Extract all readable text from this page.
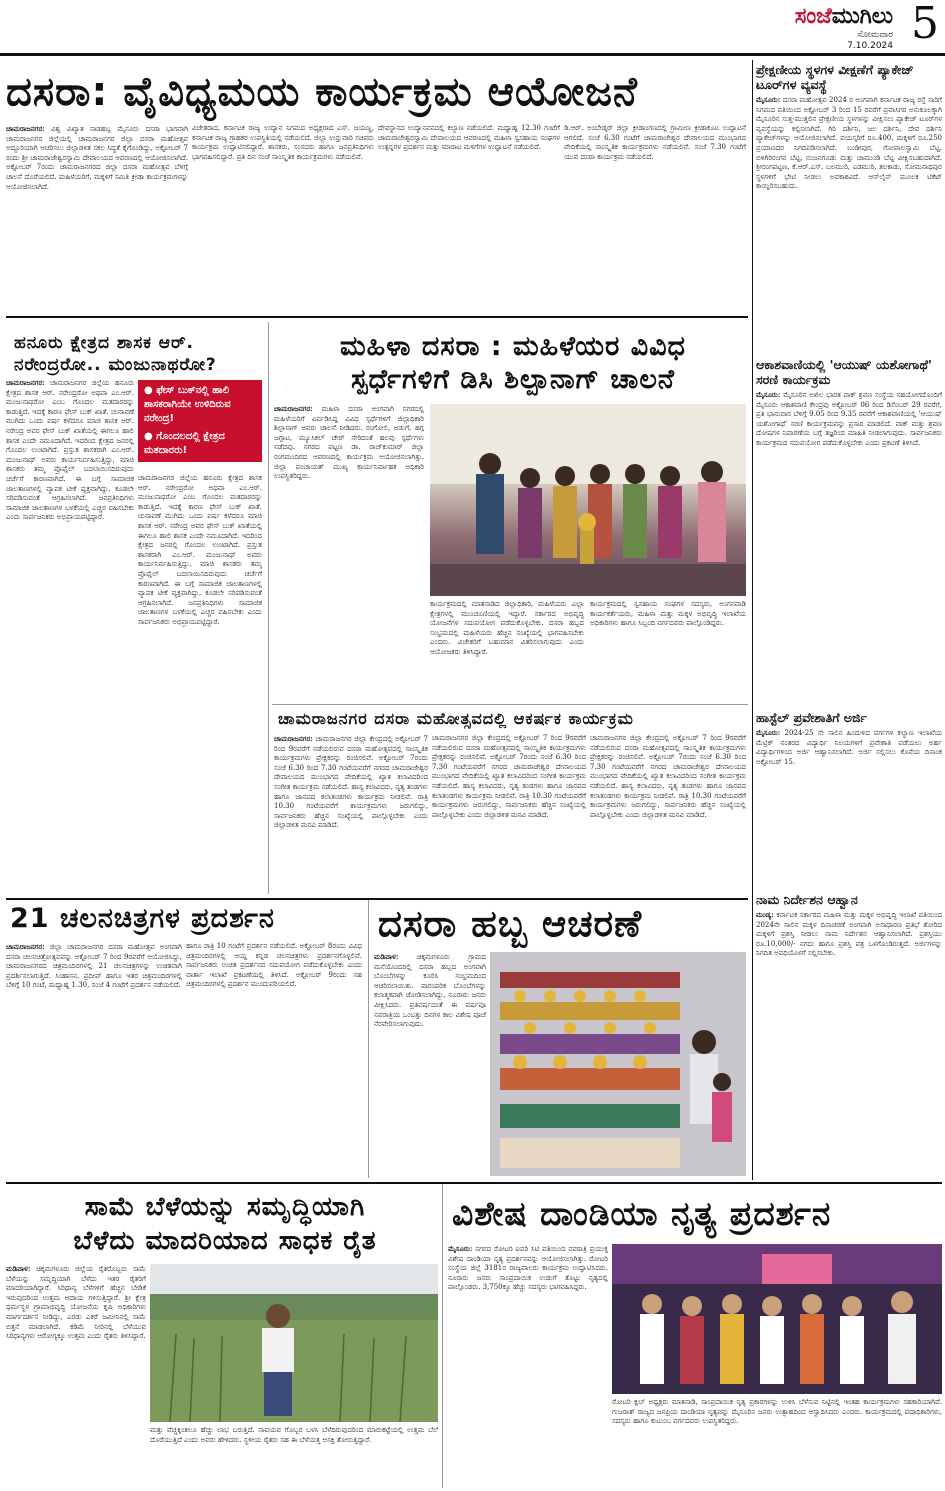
ಸಂಜೆಮುಗಿಲು
ಸೋಮವಾರ
7.10.2024 5
ದಸರಾ: ವೈವಿಧ್ಯಮಯ ಕಾರ್ಯಕ್ರಮ ಆಯೋಜನೆ
ಚಾಮರಾಜನಗರ: ವಿಶ್ವ ವಿಖ್ಯಾತ ನಾಡಹಬ್ಬ ಮೈಸೂರು ದಸರಾ ಭಾಗವಾಗಿ ಚಾಮರಾಜನಗರ ಜಿಲ್ಲೆಯಲ್ಲಿ ಚಾಮರಾಜನಗರ ಜಿಲ್ಲಾ ದಸರಾ ಮಹೋತ್ಸವ ಅದ್ದೂರಿಯಾಗಿ ಆಚರಿಸಲು ಜಿಲ್ಲಾಡಳಿತ ಸಕಲ ಸಿದ್ಧತೆ ಕೈಗೊಂಡಿದ್ದು, ಅಕ್ಟೋಬರ್ 7 ರಂದು ಶ್ರೀ ಚಾಮರಾಜೇಶ್ವರಸ್ವಾಮಿ ದೇವಾಲಯದ ಆವರಣದಲ್ಲಿ ಆಯೋಜಿಸಲಾಗಿದೆ. ಅಕ್ಟೋಬರ್ 7ರಂದು ಚಾಮರಾಜನಗರದ ಜಿಲ್ಲಾ ದಸರಾ ಮಹೋತ್ಸವ ಬೆಳಿಗ್ಗೆ ಚಾಲನೆ ದೊರೆಯಲಿದೆ. ಮಹಿಳೆಯರಿಗೆ, ಮಕ್ಕಳಿಗೆ ಸಮಿತಿ ಕ್ರೀಡಾ ಕಾರ್ಯಕ್ರಮಗಳನ್ನು ಆಯೋಜಿಸಲಾಗಿದೆ.
ವಿಜೇತರಾದ, ಕರ್ನಾಟಕ ರಾಜ್ಯ ಉದ್ಯಾನ ನಿಗಮದ ಅಧ್ಯಕ್ಷರಾದ ಎಸ್. ಜಯಣ್ಣ, ಕರ್ನಾಟಕ ರಾಜ್ಯ ಗ್ರಾಹಕರ ಉಪಸ್ಥಿತಿಯಲ್ಲಿ ನಡೆಯಲಿದೆ. ಜಿಲ್ಲಾ ಉಸ್ತುವಾರಿ ಸಚಿವರು ಕಾರ್ಯಕ್ರಮ ಉದ್ಘಾಟಿಸಲಿದ್ದಾರೆ. ಶಾಸಕರು, ಸಂಸದರು ಹಾಗೂ ಜನಪ್ರತಿನಿಧಿಗಳು ಭಾಗವಹಿಸಲಿದ್ದಾರೆ. ಪ್ರತಿ ದಿನ ಸಂಜೆ ಸಾಂಸ್ಕೃತಿಕ ಕಾರ್ಯಕ್ರಮಗಳು ನಡೆಯಲಿವೆ.
ದೇವಸ್ಥಾನದ ಉದ್ಯಾನವನದಲ್ಲಿ ಕಲ್ಯಾಣ ನಡೆಯಲಿದೆ. ಮಧ್ಯಾಹ್ನ 12.30 ಗಂಟೆಗೆ ಚಾಮರಾಜೇಶ್ವರಸ್ವಾಮಿ ದೇವಾಲಯದ ಆವರಣದಲ್ಲಿ ಮಹಿಳಾ ಸ್ವಸಹಾಯ ಸಂಘಗಳ ಉತ್ಪನ್ನಗಳ ಪ್ರದರ್ಶನ ಮತ್ತು ಮಾರಾಟ ಮಳಿಗೆಗಳ ಉದ್ಘಾಟನೆ ನಡೆಯಲಿದೆ.
ಡಿ.ಆರ್. ಅಂಬೇಡ್ಕರ್ ಜಿಲ್ಲಾ ಕ್ರೀಡಾಂಗಣದಲ್ಲಿ ಗ್ರಾಮೀಣ ಕ್ರೀಡಾಕೂಟ ಉದ್ಘಾಟನೆ ಆಗಲಿದೆ. ಸಂಜೆ 6.30 ಗಂಟೆಗೆ ಚಾಮರಾಜೇಶ್ವರ ದೇವಾಲಯದ ಮುಂಭಾಗದ ವೇದಿಕೆಯಲ್ಲಿ ಸಾಂಸ್ಕೃತಿಕ ಕಾರ್ಯಕ್ರಮಗಳು ನಡೆಯಲಿವೆ. ಸಂಜೆ 7.30 ಗಂಟೆಗೆ ಯುವ ದಸರಾ ಕಾರ್ಯಕ್ರಮ ನಡೆಯಲಿದೆ.
ಪ್ರೇಕ್ಷಣೀಯ ಸ್ಥಳಗಳ ವೀಕ್ಷಣೆಗೆ ಪ್ಯಾಕೇಜ್ ಟೂರ್‌ಗಳ ವ್ಯವಸ್ಥೆ
ಮೈಸೂರು: ದಸರಾ ಮಹೋತ್ಸವ 2024 ರ ಅಂಗವಾಗಿ ಕರ್ನಾಟಕ ರಾಜ್ಯ ರಸ್ತೆ ಸಾರಿಗೆ ನಿಗಮದ ವತಿಯಿಂದ ಅಕ್ಟೋಬರ್ 3 ರಿಂದ 15 ರವರೆಗೆ ಪ್ರವಾಸಿಗರ ಅನುಕೂಲಕ್ಕಾಗಿ ಮೈಸೂರಿನ ಸುತ್ತ-ಮುತ್ತಲಿನ ಪ್ರೇಕ್ಷಣೀಯ ಸ್ಥಳಗಳನ್ನು ವೀಕ್ಷಿಸಲು ಪ್ಯಾಕೇಜ್ ಟೂರ್‌ಗಳ ವ್ಯವಸ್ಥೆಯನ್ನು ಕಲ್ಪಿಸಲಾಗಿದೆ. ಗಿರಿ ದರ್ಶಿನಿ, ಜಲ ದರ್ಶಿನಿ, ದೇವ ದರ್ಶಿನಿ ಪ್ಯಾಕೇಜ್‌ಗಳನ್ನು ಆಯೋಜಿಸಲಾಗಿದೆ. ವಯಸ್ಕರಿಗೆ ರೂ.400, ಮಕ್ಕಳಿಗೆ ರೂ.250 ಪ್ರಯಾಣದರ ನಿಗದಿಪಡಿಸಲಾಗಿದೆ. ಬಂಡೀಪುರ, ಗೋಪಾಲಸ್ವಾಮಿ ಬೆಟ್ಟ, ಬಿಳಿಗಿರಿರಂಗನ ಬೆಟ್ಟ, ನಂಜನಗೂಡು ಮತ್ತು ಚಾಮುಂಡಿ ಬೆಟ್ಟ ವೀಕ್ಷಿಸಬಹುದಾಗಿದೆ. ಶ್ರೀರಂಗಪಟ್ಟಣ, ಕೆ.ಆರ್.ಎಸ್, ಬಲಮುರಿ, ಎಡಮುರಿ, ತಲಕಾಡು, ಸೋಮನಾಥಪುರ ಸ್ಥಳಗಳಿಗೆ ಭೇಟಿ ನೀಡಲು ಅವಕಾಶವಿದೆ. ಆನ್‌ಲೈನ್ ಮೂಲಕ ಟಿಕೆಟ್ ಕಾಯ್ದಿರಿಸಬಹುದು.
ಆಕಾಶವಾಣಿಯಲ್ಲಿ 'ಆಯುಷ್ ಯಶೋಗಾಥೆ' ಸರಣಿ ಕಾರ್ಯಕ್ರಮ
ಮೈಸೂರು: ಮೈಸೂರಿನ ಅಖಿಲ ಭಾರತ ವಾಕ್ ಶ್ರವಣ ಸಂಸ್ಥೆಯ ಸಹಯೋಗದೊಂದಿಗೆ ಮೈಸೂರು ಆಕಾಶವಾಣಿ ಕೇಂದ್ರವು ಅಕ್ಟೋಬರ್ 06 ರಿಂದ ಡಿಸೆಂಬರ್ 29 ರವರೆಗೆ, ಪ್ರತಿ ಭಾನುವಾರ ಬೆಳಿಗ್ಗೆ 9.05 ರಿಂದ 9.35 ರವರೆಗೆ ಆಕಾಶವಾಣಿಯಲ್ಲಿ 'ಆಯುಷ್ ಯಶೋಗಾಥೆ' ಸರಣಿ ಕಾರ್ಯಕ್ರಮವನ್ನು ಪ್ರಸಾರ ಮಾಡಲಿದೆ. ವಾಕ್ ಮತ್ತು ಶ್ರವಣ ದೋಷಗಳ ನಿವಾರಣೆಯ ಬಗ್ಗೆ ತಜ್ಞರಿಂದ ಮಾಹಿತಿ ನೀಡಲಾಗುವುದು. ಸಾರ್ವಜನಿಕರು ಕಾರ್ಯಕ್ರಮದ ಸದುಪಯೋಗ ಪಡೆದುಕೊಳ್ಳಬೇಕು ಎಂದು ಪ್ರಕಟಣೆ ತಿಳಿಸಿದೆ.
ಹಾಸ್ಟೆಲ್ ಪ್ರವೇಶಾತಿಗೆ ಅರ್ಜಿ
ಮೈಸೂರು: 2024-25 ನೇ ಸಾಲಿನ ಹಿಂದುಳಿದ ವರ್ಗಗಳ ಕಲ್ಯಾಣ ಇಲಾಖೆಯ ಮೆಟ್ರಿಕ್ ನಂತರದ ವಿದ್ಯಾರ್ಥಿ ನಿಲಯಗಳಿಗೆ ಪ್ರವೇಶಾತಿ ಪಡೆಯಲು ಅರ್ಹ ವಿದ್ಯಾರ್ಥಿಗಳಿಂದ ಅರ್ಜಿ ಆಹ್ವಾನಿಸಲಾಗಿದೆ. ಅರ್ಜಿ ಸಲ್ಲಿಸಲು ಕೊನೆಯ ದಿನಾಂಕ ಅಕ್ಟೋಬರ್ 15.
ನಾಮ ನಿರ್ದೇಶನ ಆಹ್ವಾನ
ಮಂಡ್ಯ: ಕರ್ನಾಟಕ ಸರ್ಕಾರದ ಮಹಿಳಾ ಮತ್ತು ಮಕ್ಕಳ ಅಭಿವೃದ್ಧಿ ಇಲಾಖೆ ವತಿಯಿಂದ 2024ನೇ ಸಾಲಿನ ಮಕ್ಕಳ ದಿನಾಚರಣೆ ಅಂಗವಾಗಿ ಅಸಾಧಾರಣ ಪ್ರತಿಭೆ ತೋರಿದ ಮಕ್ಕಳಿಗೆ ಪ್ರಶಸ್ತಿ ನೀಡಲು ನಾಮ ನಿರ್ದೇಶನ ಆಹ್ವಾನಿಸಲಾಗಿದೆ. ಪ್ರಶಸ್ತಿಯು ರೂ.10,000/- ನಗದು ಹಾಗೂ ಪ್ರಶಸ್ತಿ ಪತ್ರ ಒಳಗೊಂಡಿರುತ್ತದೆ. ಅರ್ಜಿಗಳನ್ನು ನಿಗದಿತ ಅವಧಿಯೊಳಗೆ ಸಲ್ಲಿಸಬೇಕು.
ಹನೂರು ಕ್ಷೇತ್ರದ ಶಾಸಕ ಆರ್.
ನರೇಂದ್ರರೋ.. ಮಂಜುನಾಥರೋ?
ಚಾಮರಾಜನಗರ: ಚಾಮರಾಜನಗರ ಜಿಲ್ಲೆಯ ಹನೂರು ಕ್ಷೇತ್ರದ ಶಾಸಕ ಆರ್. ನರೇಂದ್ರರೋ ಅಥವಾ ಎಂ.ಆರ್. ಮಂಜುನಾಥರೋ ಎಂಬ ಗೊಂದಲ ಮತದಾರರನ್ನು ಕಾಡುತ್ತಿದೆ. ಇದಕ್ಕೆ ಕಾರಣ ಫೇಸ್ ಬುಕ್ ಖಾತೆ. ಚುನಾವಣೆ ಮುಗಿದು ಒಂದು ವರ್ಷ ಕಳೆದರೂ ಮಾಜಿ ಶಾಸಕ ಆರ್. ನರೇಂದ್ರ ಅವರ ಫೇಸ್ ಬುಕ್ ಖಾತೆಯಲ್ಲಿ ಈಗಲೂ ಹಾಲಿ ಶಾಸಕ ಎಂದೇ ನಮೂದಾಗಿದೆ. ಇದರಿಂದ ಕ್ಷೇತ್ರದ ಜನರಲ್ಲಿ ಗೊಂದಲ ಉಂಟಾಗಿದೆ. ಪ್ರಸ್ತುತ ಶಾಸಕರಾಗಿ ಎಂ.ಆರ್. ಮಂಜುನಾಥ್ ಅವರು ಕಾರ್ಯನಿರ್ವಹಿಸುತ್ತಿದ್ದು, ಮಾಜಿ ಶಾಸಕರು ತಮ್ಮ ಪ್ರೊಫೈಲ್ ಬದಲಾಯಿಸದಿರುವುದು ಚರ್ಚೆಗೆ ಕಾರಣವಾಗಿದೆ. ಈ ಬಗ್ಗೆ ಸಾಮಾಜಿಕ ಜಾಲತಾಣಗಳಲ್ಲಿ ವ್ಯಾಪಕ ಟೀಕೆ ವ್ಯಕ್ತವಾಗಿದ್ದು, ಕೂಡಲೇ ಸರಿಪಡಿಸುವಂತೆ ಆಗ್ರಹಿಸಲಾಗಿದೆ. ಜನಪ್ರತಿನಿಧಿಗಳು ಸಾಮಾಜಿಕ ಜಾಲತಾಣಗಳ ಬಳಕೆಯಲ್ಲಿ ಎಚ್ಚರ ವಹಿಸಬೇಕು ಎಂದು ಸಾರ್ವಜನಿಕರು ಅಭಿಪ್ರಾಯಪಟ್ಟಿದ್ದಾರೆ.
● ಫೇಸ್ ಬುಕ್‌ನಲ್ಲಿ ಹಾಲಿ ಶಾಸಕರಾಗಿಯೇ ಉಳಿದಿರುವ ನರೇಂದ್ರ!
● ಗೊಂದಲದಲ್ಲಿ ಕ್ಷೇತ್ರದ ಮತದಾರರು!
ಚಾಮರಾಜನಗರ ಜಿಲ್ಲೆಯ ಹನೂರು ಕ್ಷೇತ್ರದ ಶಾಸಕ ಆರ್. ನರೇಂದ್ರರೋ ಅಥವಾ ಎಂ.ಆರ್. ಮಂಜುನಾಥರೋ ಎಂಬ ಗೊಂದಲ ಮತದಾರರನ್ನು ಕಾಡುತ್ತಿದೆ. ಇದಕ್ಕೆ ಕಾರಣ ಫೇಸ್ ಬುಕ್ ಖಾತೆ. ಚುನಾವಣೆ ಮುಗಿದು ಒಂದು ವರ್ಷ ಕಳೆದರೂ ಮಾಜಿ ಶಾಸಕ ಆರ್. ನರೇಂದ್ರ ಅವರ ಫೇಸ್ ಬುಕ್ ಖಾತೆಯಲ್ಲಿ ಈಗಲೂ ಹಾಲಿ ಶಾಸಕ ಎಂದೇ ನಮೂದಾಗಿದೆ. ಇದರಿಂದ ಕ್ಷೇತ್ರದ ಜನರಲ್ಲಿ ಗೊಂದಲ ಉಂಟಾಗಿದೆ. ಪ್ರಸ್ತುತ ಶಾಸಕರಾಗಿ ಎಂ.ಆರ್. ಮಂಜುನಾಥ್ ಅವರು ಕಾರ್ಯನಿರ್ವಹಿಸುತ್ತಿದ್ದು, ಮಾಜಿ ಶಾಸಕರು ತಮ್ಮ ಪ್ರೊಫೈಲ್ ಬದಲಾಯಿಸದಿರುವುದು ಚರ್ಚೆಗೆ ಕಾರಣವಾಗಿದೆ. ಈ ಬಗ್ಗೆ ಸಾಮಾಜಿಕ ಜಾಲತಾಣಗಳಲ್ಲಿ ವ್ಯಾಪಕ ಟೀಕೆ ವ್ಯಕ್ತವಾಗಿದ್ದು, ಕೂಡಲೇ ಸರಿಪಡಿಸುವಂತೆ ಆಗ್ರಹಿಸಲಾಗಿದೆ. ಜನಪ್ರತಿನಿಧಿಗಳು ಸಾಮಾಜಿಕ ಜಾಲತಾಣಗಳ ಬಳಕೆಯಲ್ಲಿ ಎಚ್ಚರ ವಹಿಸಬೇಕು ಎಂದು ಸಾರ್ವಜನಿಕರು ಅಭಿಪ್ರಾಯಪಟ್ಟಿದ್ದಾರೆ.
ಮಹಿಳಾ ದಸರಾ : ಮಹಿಳೆಯರ ವಿವಿಧ
ಸ್ಪರ್ಧೆಗಳಿಗೆ ಡಿಸಿ ಶಿಲ್ಪಾನಾಗ್ ಚಾಲನೆ
ಚಾಮರಾಜನಗರ: ಮಹಿಳಾ ದಸರಾ ಅಂಗವಾಗಿ ನಗರದಲ್ಲಿ ಮಹಿಳೆಯರಿಗೆ ಏರ್ಪಡಿಸಿದ್ದ ವಿವಿಧ ಸ್ಪರ್ಧೆಗಳಿಗೆ ಜಿಲ್ಲಾಧಿಕಾರಿ ಶಿಲ್ಪಾನಾಗ್ ಅವರು ಚಾಲನೆ ನೀಡಿದರು. ರಂಗೋಲಿ, ಅಡುಗೆ, ಹಗ್ಗ ಜಗ್ಗಾಟ, ಮ್ಯೂಸಿಕಲ್ ಚೇರ್ ಸೇರಿದಂತೆ ಹಲವು ಸ್ಪರ್ಧೆಗಳು ನಡೆದವು. ನಗರದ ಪಟ್ಟಣ ಡಾ. ರಾಜ್‌ಕುಮಾರ್ ಜಿಲ್ಲಾ ರಂಗಮಂದಿರದ ಆವರಣದಲ್ಲಿ ಕಾರ್ಯಕ್ರಮ ಆಯೋಜಿಸಲಾಗಿತ್ತು. ಜಿಲ್ಲಾ ಪಂಚಾಯತ್ ಮುಖ್ಯ ಕಾರ್ಯನಿರ್ವಾಹಕ ಅಧಿಕಾರಿ ಉಪಸ್ಥಿತರಿದ್ದರು.
ಕಾರ್ಯಕ್ರಮದಲ್ಲಿ ಮಾತನಾಡಿದ ಜಿಲ್ಲಾಧಿಕಾರಿ, ಮಹಿಳೆಯರು ಎಲ್ಲಾ ಕ್ಷೇತ್ರಗಳಲ್ಲಿ ಮುಂಚೂಣಿಯಲ್ಲಿ ಇದ್ದಾರೆ. ಸರ್ಕಾರದ ಅಭಿವೃದ್ಧಿ ಯೋಜನೆಗಳ ಸದುಪಯೋಗ ಪಡೆದುಕೊಳ್ಳಬೇಕು. ದಸರಾ ಹಬ್ಬದ ಸಂಭ್ರಮದಲ್ಲಿ ಮಹಿಳೆಯರು ಹೆಚ್ಚಿನ ಸಂಖ್ಯೆಯಲ್ಲಿ ಭಾಗವಹಿಸಬೇಕು ಎಂದರು. ವಿಜೇತರಿಗೆ ಬಹುಮಾನ ವಿತರಿಸಲಾಗುವುದು ಎಂದು ಆಯೋಜಕರು ತಿಳಿಸಿದ್ದಾರೆ.
ಕಾರ್ಯಕ್ರಮದಲ್ಲಿ ಸ್ವಸಹಾಯ ಸಂಘಗಳ ಸದಸ್ಯರು, ಅಂಗನವಾಡಿ ಕಾರ್ಯಕರ್ತೆಯರು, ಮಹಿಳಾ ಮತ್ತು ಮಕ್ಕಳ ಅಭಿವೃದ್ಧಿ ಇಲಾಖೆಯ ಅಧಿಕಾರಿಗಳು ಹಾಗೂ ಸಿಬ್ಬಂದಿ ವರ್ಗದವರು ಪಾಲ್ಗೊಂಡಿದ್ದರು.
ಚಾಮರಾಜನಗರ ದಸರಾ ಮಹೋತ್ಸವದಲ್ಲಿ ಆಕರ್ಷಕ ಕಾರ್ಯಕ್ರಮ
ಚಾಮರಾಜನಗರ: ಚಾಮರಾಜನಗರ ಜಿಲ್ಲಾ ಕೇಂದ್ರದಲ್ಲಿ ಅಕ್ಟೋಬರ್ 7 ರಿಂದ 9ರವರೆಗೆ ನಡೆಯಲಿರುವ ದಸರಾ ಮಹೋತ್ಸವದಲ್ಲಿ ಸಾಂಸ್ಕೃತಿಕ ಕಾರ್ಯಕ್ರಮಗಳು ಪ್ರೇಕ್ಷಕರನ್ನು ರಂಜಿಸಲಿವೆ. ಅಕ್ಟೋಬರ್ 7ರಂದು ಸಂಜೆ 6.30 ರಿಂದ 7.30 ಗಂಟೆಯವರೆಗೆ ನಗರದ ಚಾಮರಾಜೇಶ್ವರ ದೇವಾಲಯದ ಮುಂಭಾಗದ ವೇದಿಕೆಯಲ್ಲಿ ಖ್ಯಾತ ಕಲಾವಿದರಿಂದ ಸಂಗೀತ ಕಾರ್ಯಕ್ರಮ ನಡೆಯಲಿದೆ. ಹಾಸ್ಯ ಕಲಾವಿದರು, ನೃತ್ಯ ತಂಡಗಳು ಹಾಗೂ ಜಾನಪದ ಕಲಾತಂಡಗಳು ಕಾರ್ಯಕ್ರಮ ನೀಡಲಿವೆ. ರಾತ್ರಿ 10.30 ಗಂಟೆಯವರೆಗೆ ಕಾರ್ಯಕ್ರಮಗಳು ಜರುಗಲಿದ್ದು, ಸಾರ್ವಜನಿಕರು ಹೆಚ್ಚಿನ ಸಂಖ್ಯೆಯಲ್ಲಿ ಪಾಲ್ಗೊಳ್ಳಬೇಕು ಎಂದು ಜಿಲ್ಲಾಡಳಿತ ಮನವಿ ಮಾಡಿದೆ.
ಚಾಮರಾಜನಗರ ಜಿಲ್ಲಾ ಕೇಂದ್ರದಲ್ಲಿ ಅಕ್ಟೋಬರ್ 7 ರಿಂದ 9ರವರೆಗೆ ನಡೆಯಲಿರುವ ದಸರಾ ಮಹೋತ್ಸವದಲ್ಲಿ ಸಾಂಸ್ಕೃತಿಕ ಕಾರ್ಯಕ್ರಮಗಳು ಪ್ರೇಕ್ಷಕರನ್ನು ರಂಜಿಸಲಿವೆ. ಅಕ್ಟೋಬರ್ 7ರಂದು ಸಂಜೆ 6.30 ರಿಂದ 7.30 ಗಂಟೆಯವರೆಗೆ ನಗರದ ಚಾಮರಾಜೇಶ್ವರ ದೇವಾಲಯದ ಮುಂಭಾಗದ ವೇದಿಕೆಯಲ್ಲಿ ಖ್ಯಾತ ಕಲಾವಿದರಿಂದ ಸಂಗೀತ ಕಾರ್ಯಕ್ರಮ ನಡೆಯಲಿದೆ. ಹಾಸ್ಯ ಕಲಾವಿದರು, ನೃತ್ಯ ತಂಡಗಳು ಹಾಗೂ ಜಾನಪದ ಕಲಾತಂಡಗಳು ಕಾರ್ಯಕ್ರಮ ನೀಡಲಿವೆ. ರಾತ್ರಿ 10.30 ಗಂಟೆಯವರೆಗೆ ಕಾರ್ಯಕ್ರಮಗಳು ಜರುಗಲಿದ್ದು, ಸಾರ್ವಜನಿಕರು ಹೆಚ್ಚಿನ ಸಂಖ್ಯೆಯಲ್ಲಿ ಪಾಲ್ಗೊಳ್ಳಬೇಕು ಎಂದು ಜಿಲ್ಲಾಡಳಿತ ಮನವಿ ಮಾಡಿದೆ.
ಚಾಮರಾಜನಗರ ಜಿಲ್ಲಾ ಕೇಂದ್ರದಲ್ಲಿ ಅಕ್ಟೋಬರ್ 7 ರಿಂದ 9ರವರೆಗೆ ನಡೆಯಲಿರುವ ದಸರಾ ಮಹೋತ್ಸವದಲ್ಲಿ ಸಾಂಸ್ಕೃತಿಕ ಕಾರ್ಯಕ್ರಮಗಳು ಪ್ರೇಕ್ಷಕರನ್ನು ರಂಜಿಸಲಿವೆ. ಅಕ್ಟೋಬರ್ 7ರಂದು ಸಂಜೆ 6.30 ರಿಂದ 7.30 ಗಂಟೆಯವರೆಗೆ ನಗರದ ಚಾಮರಾಜೇಶ್ವರ ದೇವಾಲಯದ ಮುಂಭಾಗದ ವೇದಿಕೆಯಲ್ಲಿ ಖ್ಯಾತ ಕಲಾವಿದರಿಂದ ಸಂಗೀತ ಕಾರ್ಯಕ್ರಮ ನಡೆಯಲಿದೆ. ಹಾಸ್ಯ ಕಲಾವಿದರು, ನೃತ್ಯ ತಂಡಗಳು ಹಾಗೂ ಜಾನಪದ ಕಲಾತಂಡಗಳು ಕಾರ್ಯಕ್ರಮ ನೀಡಲಿವೆ. ರಾತ್ರಿ 10.30 ಗಂಟೆಯವರೆಗೆ ಕಾರ್ಯಕ್ರಮಗಳು ಜರುಗಲಿದ್ದು, ಸಾರ್ವಜನಿಕರು ಹೆಚ್ಚಿನ ಸಂಖ್ಯೆಯಲ್ಲಿ ಪಾಲ್ಗೊಳ್ಳಬೇಕು ಎಂದು ಜಿಲ್ಲಾಡಳಿತ ಮನವಿ ಮಾಡಿದೆ.
21 ಚಲನಚಿತ್ರಗಳ ಪ್ರದರ್ಶನ
ಚಾಮರಾಜನಗರ: ಜಿಲ್ಲಾ ಚಾಮರಾಜನಗರ ದಸರಾ ಮಹೋತ್ಸವ ಅಂಗವಾಗಿ ದಸರಾ ಚಲನಚಿತ್ರೋತ್ಸವವನ್ನು ಅಕ್ಟೋಬರ್ 7 ರಿಂದ 9ರವರೆಗೆ ಆಯೋಜಿಸಿದ್ದು, ಚಾಮರಾಜನಗರದ ಚಿತ್ರಮಂದಿರಗಳಲ್ಲಿ 21 ಚಲನಚಿತ್ರಗಳನ್ನು ಉಚಿತವಾಗಿ ಪ್ರದರ್ಶಿಸಲಾಗುತ್ತಿದೆ. ಸಿಂಹಾಸನ, ಪ್ರದೀಪ್ ಹಾಗೂ ಇತರ ಚಿತ್ರಮಂದಿರಗಳಲ್ಲಿ ಬೆಳಿಗ್ಗೆ 10 ಗಂಟೆ, ಮಧ್ಯಾಹ್ನ 1.30, ಸಂಜೆ 4 ಗಂಟೆಗೆ ಪ್ರದರ್ಶನ ನಡೆಯಲಿದೆ.
ಹಾಗೂ ರಾತ್ರಿ 10 ಗಂಟೆಗೆ ಪ್ರದರ್ಶನ ನಡೆಯಲಿದೆ. ಅಕ್ಟೋಬರ್ 8ರಂದು ವಿವಿಧ ಚಿತ್ರಮಂದಿರಗಳಲ್ಲಿ ಆಯ್ದ ಕನ್ನಡ ಚಲನಚಿತ್ರಗಳು ಪ್ರದರ್ಶನಗೊಳ್ಳಲಿವೆ. ಸಾರ್ವಜನಿಕರು ಉಚಿತ ಪ್ರದರ್ಶನದ ಸದುಪಯೋಗ ಪಡೆದುಕೊಳ್ಳಬೇಕು ಎಂದು ವಾರ್ತಾ ಇಲಾಖೆ ಪ್ರಕಟಣೆಯಲ್ಲಿ ತಿಳಿಸಿದೆ. ಅಕ್ಟೋಬರ್ 9ರಂದು ಸಹ ಚಿತ್ರಮಂದಿರಗಳಲ್ಲಿ ಪ್ರದರ್ಶನ ಮುಂದುವರಿಯಲಿದೆ.
ದಸರಾ ಹಬ್ಬ ಆಚರಣೆ
ಮಡಿವಾಳ:	ಚಿಕ್ಕಮಗಳೂರು ಗ್ರಾಮದ ಮನೆಯೊಂದರಲ್ಲಿ ದಸರಾ ಹಬ್ಬದ ಅಂಗವಾಗಿ ಬೊಂಬೆಗಳನ್ನು ಕೂರಿಸಿ ಸಂಭ್ರಮದಿಂದ ಆಚರಿಸಲಾಯಿತು. ಪಾರಂಪರಿಕ ಬೊಂಬೆಗಳನ್ನು ಕಲಾತ್ಮಕವಾಗಿ ಜೋಡಿಸಲಾಗಿದ್ದು, ನೂರಾರು ಜನರು ವೀಕ್ಷಿಸಿದರು. ಪ್ರತಿವರ್ಷದಂತೆ ಈ ವರ್ಷವೂ ನವರಾತ್ರಿಯ ಒಂಬತ್ತು ದಿನಗಳ ಕಾಲ ವಿಶೇಷ ಪೂಜೆ ನೆರವೇರಿಸಲಾಗುವುದು.
ಸಾಮೆ ಬೆಳೆಯನ್ನು ಸಮೃದ್ಧಿಯಾಗಿ
ಬೆಳೆದು ಮಾದರಿಯಾದ ಸಾಧಕ ರೈತ
ಮಡಿವಾಳ: ಚಿಕ್ಕಮಗಳೂರು ಜಿಲ್ಲೆಯ ರೈತರೊಬ್ಬರು ಸಾಮೆ ಬೆಳೆಯನ್ನು ಸಮೃದ್ಧಿಯಾಗಿ ಬೆಳೆದು ಇತರ ರೈತರಿಗೆ ಮಾದರಿಯಾಗಿದ್ದಾರೆ. ಸಿರಿಧಾನ್ಯ ಬೆಳೆಗಳಿಗೆ ಹೆಚ್ಚಿನ ಬೇಡಿಕೆ ಇರುವುದರಿಂದ ಉತ್ತಮ ಆದಾಯ ಗಳಿಸುತ್ತಿದ್ದಾರೆ. ಶ್ರೀ ಕ್ಷೇತ್ರ ಧರ್ಮಸ್ಥಳ ಗ್ರಾಮಾಭಿವೃದ್ಧಿ ಯೋಜನೆಯ ಕೃಷಿ ಅಧಿಕಾರಿಗಳು ಮಾರ್ಗದರ್ಶನ ನೀಡಿದ್ದು, ಎರಡು ಎಕರೆ ಜಮೀನಿನಲ್ಲಿ ಸಾಮೆ ಬಿತ್ತನೆ ಮಾಡಲಾಗಿದೆ. ಕಡಿಮೆ ನೀರಿನಲ್ಲಿ ಬೆಳೆಯುವ ಸಿರಿಧಾನ್ಯಗಳು ಆರೋಗ್ಯಕ್ಕೂ ಉತ್ತಮ ಎಂದು ರೈತರು ತಿಳಿಸಿದ್ದಾರೆ.
ಮತ್ತು ವೆಚ್ಚಕ್ಕಿಂತಲೂ ಹೆಚ್ಚು ಲಾಭ ಬರುತ್ತಿದೆ. ಸಾವಯವ ಗೊಬ್ಬರ ಬಳಸಿ ಬೆಳೆದಿರುವುದರಿಂದ ಮಾರುಕಟ್ಟೆಯಲ್ಲಿ ಉತ್ತಮ ಬೆಲೆ ದೊರೆಯುತ್ತಿದೆ ಎಂದು ಅವರು ಹೇಳಿದರು. ಸ್ಥಳೀಯ ರೈತರು ಸಹ ಈ ಬೆಳೆಯತ್ತ ಆಸಕ್ತಿ ತೋರುತ್ತಿದ್ದಾರೆ.
ವಿಶೇಷ ದಾಂಡಿಯಾ ನೃತ್ಯ ಪ್ರದರ್ಶನ
ಮೈಸೂರು: ನಗರದ ರೋಟರಿ ಐವರಿ ಸಿಟಿ ವತಿಯಿಂದ ನವರಾತ್ರಿ ಪ್ರಯುಕ್ತ ವಿಶೇಷ ದಾಂಡಿಯಾ ನೃತ್ಯ ಪ್ರದರ್ಶನವನ್ನು ಆಯೋಜಿಸಲಾಗಿತ್ತು. ರೋಟರಿ ಸಂಸ್ಥೆಯ ಜಿಲ್ಲೆ 3181ರ ರಾಜ್ಯಪಾಲರು ಕಾರ್ಯಕ್ರಮ ಉದ್ಘಾಟಿಸಿದರು. ನೂರಾರು ಜನರು ಸಾಂಪ್ರದಾಯಿಕ ಉಡುಗೆ ತೊಟ್ಟು ನೃತ್ಯದಲ್ಲಿ ಪಾಲ್ಗೊಂಡರು. 3,750ಕ್ಕೂ ಹೆಚ್ಚು ಸದಸ್ಯರು ಭಾಗವಹಿಸಿದ್ದರು.
ರೋಟರಿ ಕ್ಲಬ್ ಅಧ್ಯಕ್ಷರು ಮಾತನಾಡಿ, ಸಾಂಪ್ರದಾಯಿಕ ನೃತ್ಯ ಪ್ರಕಾರಗಳನ್ನು ಉಳಿಸಿ ಬೆಳೆಸುವ ನಿಟ್ಟಿನಲ್ಲಿ ಇಂತಹ ಕಾರ್ಯಕ್ರಮಗಳು ಸಹಕಾರಿಯಾಗಿವೆ. ಗುಜರಾತ್ ರಾಜ್ಯದ ಜನಪ್ರಿಯ ದಾಂಡಿಯಾ ನೃತ್ಯವನ್ನು ಮೈಸೂರಿನ ಜನರು ಉತ್ಸಾಹದಿಂದ ಆಸ್ವಾದಿಸಿದರು ಎಂದರು. ಕಾರ್ಯಕ್ರಮದಲ್ಲಿ ಪದಾಧಿಕಾರಿಗಳು, ಸದಸ್ಯರು ಹಾಗೂ ಕುಟುಂಬ ವರ್ಗದವರು ಉಪಸ್ಥಿತರಿದ್ದರು.
